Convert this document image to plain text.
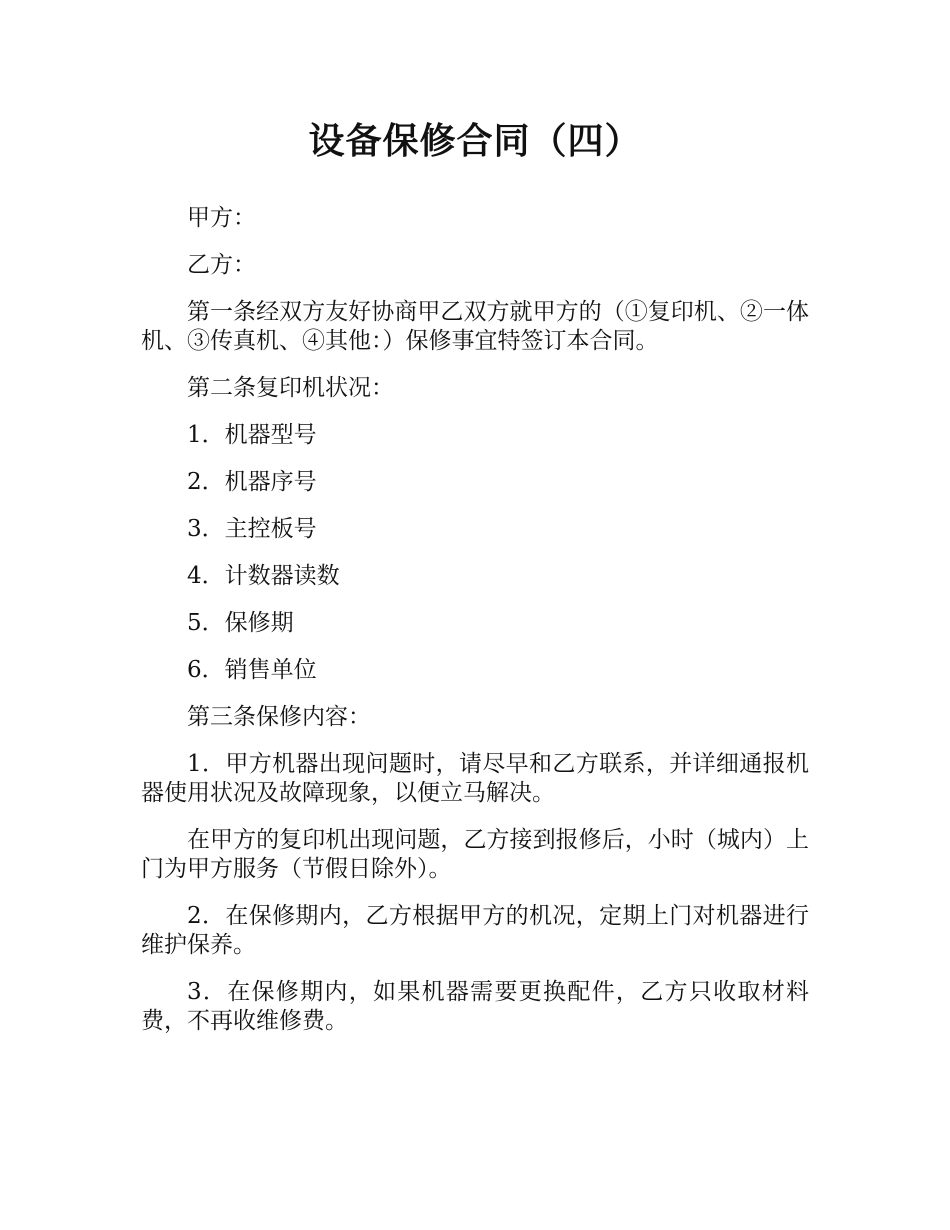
设备保修合同（四）

甲方：

乙方：

第一条经双方友好协商甲乙双方就甲方的（①复印机、②一体机、③传真机、④其他：）保修事宜特签订本合同。

第二条复印机状况：

1．机器型号

2．机器序号

3．主控板号

4．计数器读数

5．保修期

6．销售单位

第三条保修内容：

1．甲方机器出现问题时，请尽早和乙方联系，并详细通报机器使用状况及故障现象，以便立马解决。

在甲方的复印机出现问题，乙方接到报修后，小时（城内）上门为甲方服务（节假日除外）。

2．在保修期内，乙方根据甲方的机况，定期上门对机器进行维护保养。

3．在保修期内，如果机器需要更换配件，乙方只收取材料费，不再收维修费。
